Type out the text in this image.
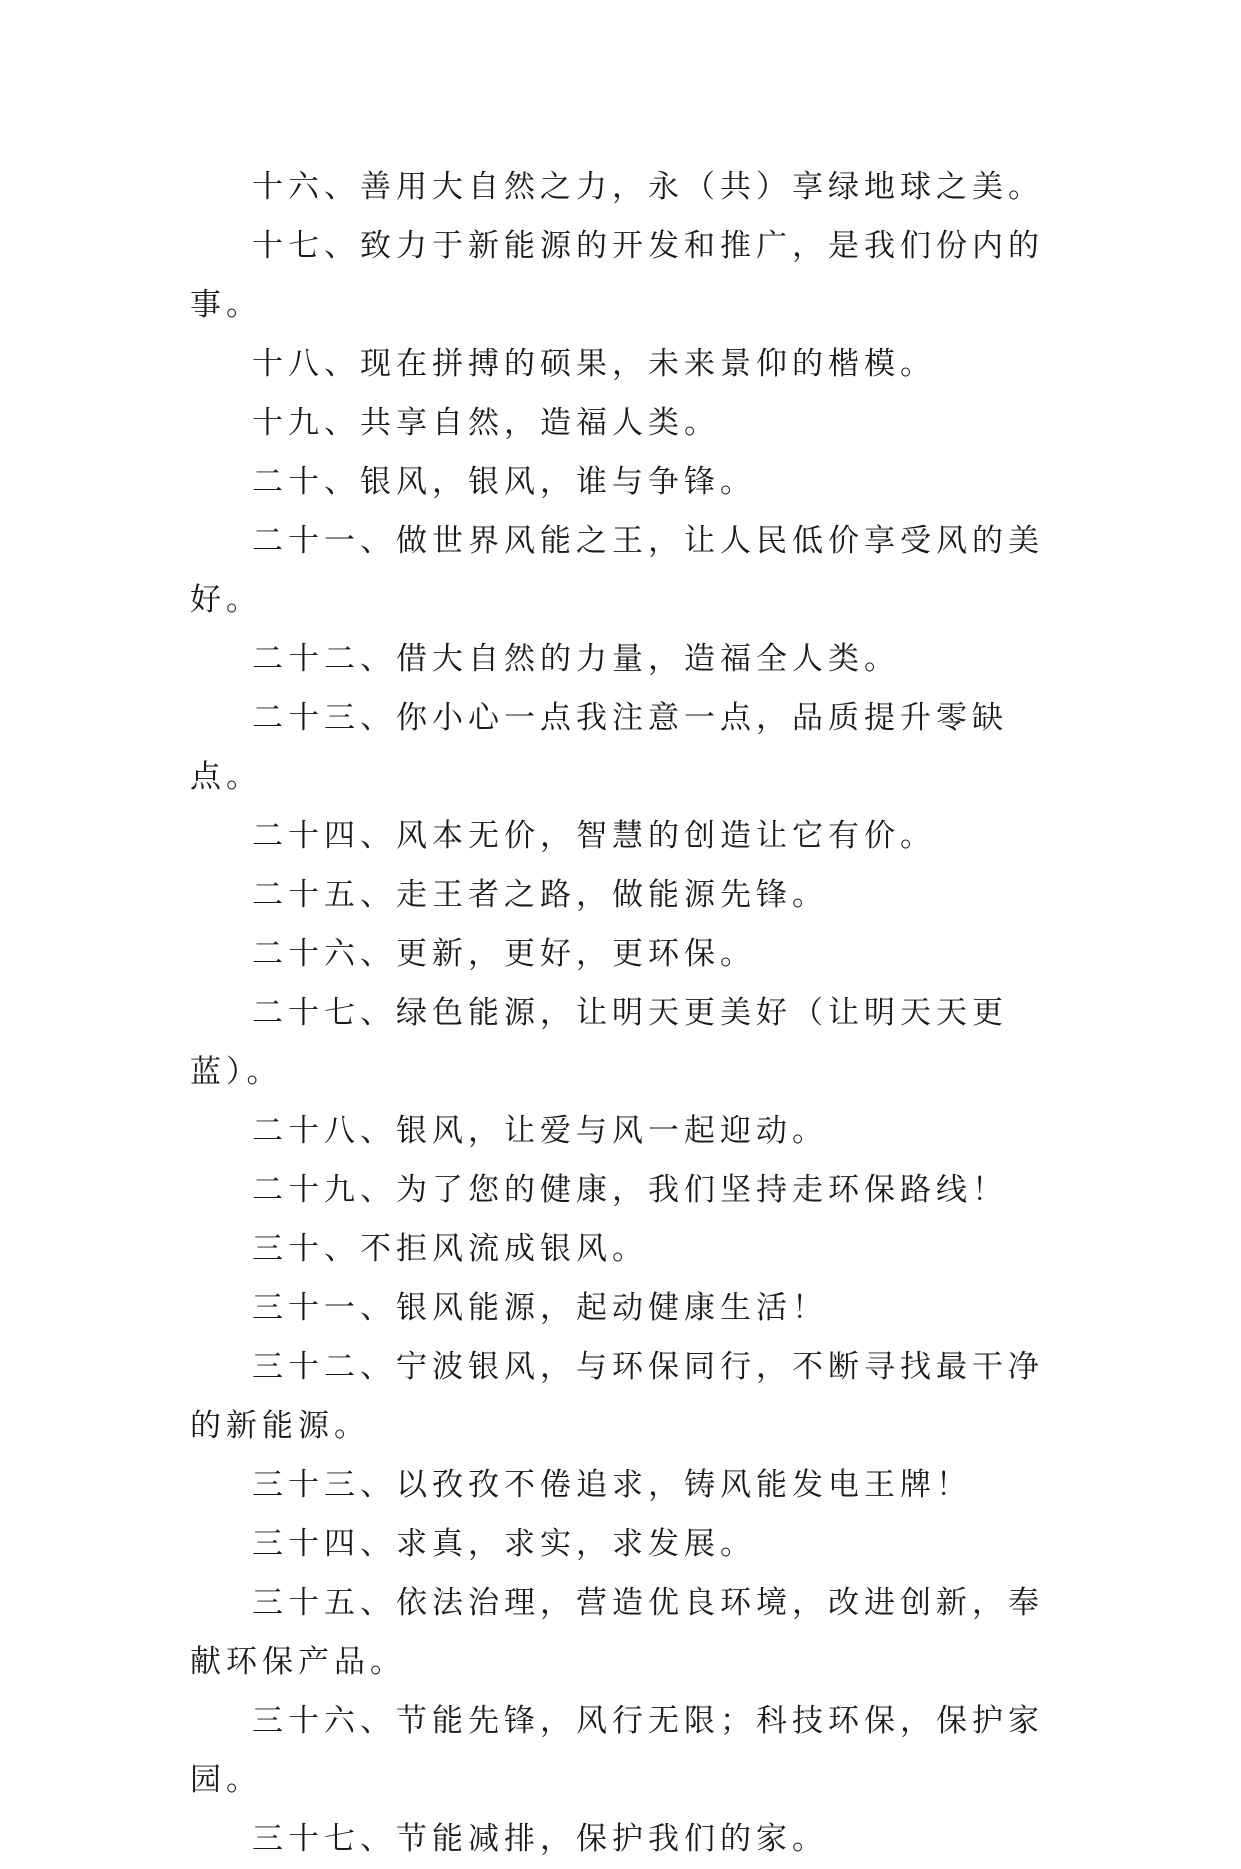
十六、善用大自然之力，永（共）享绿地球之美。

十七、致力于新能源的开发和推广，是我们份内的事。

十八、现在拼搏的硕果，未来景仰的楷模。

十九、共享自然，造福人类。

二十、银风，银风，谁与争锋。

二十一、做世界风能之王，让人民低价享受风的美好。

二十二、借大自然的力量，造福全人类。

二十三、你小心一点我注意一点，品质提升零缺点。

二十四、风本无价，智慧的创造让它有价。

二十五、走王者之路，做能源先锋。

二十六、更新，更好，更环保。

二十七、绿色能源，让明天更美好（让明天天更蓝）。

二十八、银风，让爱与风一起迎动。

二十九、为了您的健康，我们坚持走环保路线！

三十、不拒风流成银风。

三十一、银风能源，起动健康生活！

三十二、宁波银风，与环保同行，不断寻找最干净的新能源。

三十三、以孜孜不倦追求，铸风能发电王牌！

三十四、求真，求实，求发展。

三十五、依法治理，营造优良环境，改进创新，奉献环保产品。

三十六、节能先锋，风行无限；科技环保，保护家园。

三十七、节能减排，保护我们的家。
